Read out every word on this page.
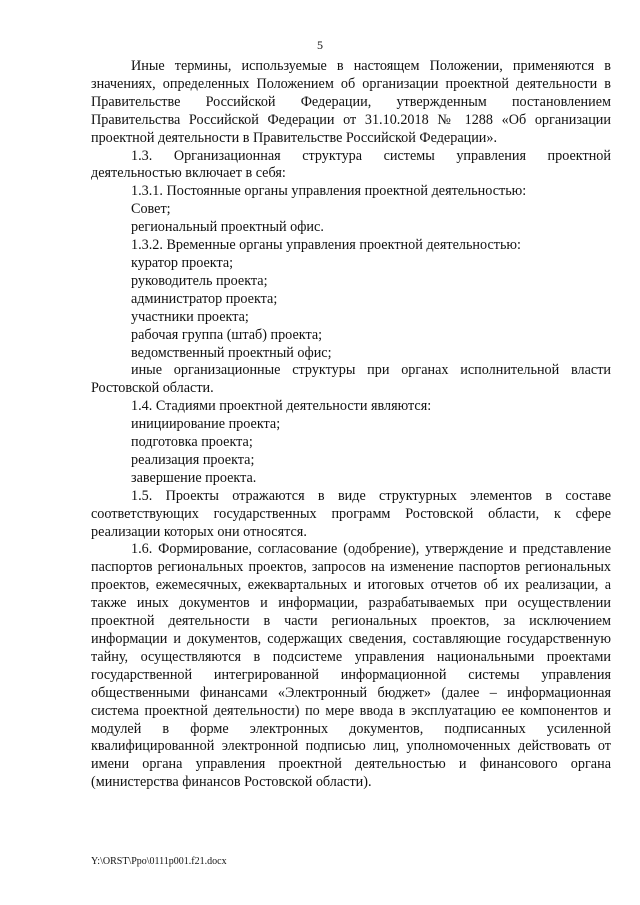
5

Иные термины, используемые в настоящем Положении, применяются в значениях, определенных Положением об организации проектной деятельности в Правительстве Российской Федерации, утвержденным постановлением Правительства Российской Федерации от 31.10.2018 № 1288 «Об организации проектной деятельности в Правительстве Российской Федерации».

1.3. Организационная структура системы управления проектной деятельностью включает в себя:

1.3.1. Постоянные органы управления проектной деятельностью:

Совет;

региональный проектный офис.

1.3.2. Временные органы управления проектной деятельностью:

куратор проекта;

руководитель проекта;

администратор проекта;

участники проекта;

рабочая группа (штаб) проекта;

ведомственный проектный офис;

иные организационные структуры при органах исполнительной власти Ростовской области.

1.4. Стадиями проектной деятельности являются:

инициирование проекта;

подготовка проекта;

реализация проекта;

завершение проекта.

1.5. Проекты отражаются в виде структурных элементов в составе соответствующих государственных программ Ростовской области, к сфере реализации которых они относятся.

1.6. Формирование, согласование (одобрение), утверждение и представление паспортов региональных проектов, запросов на изменение паспортов региональных проектов, ежемесячных, ежеквартальных и итоговых отчетов об их реализации, а также иных документов и информации, разрабатываемых при осуществлении проектной деятельности в части региональных проектов, за исключением информации и документов, содержащих сведения, составляющие государственную тайну, осуществляются в подсистеме управления национальными проектами государственной интегрированной информационной системы управления общественными финансами «Электронный бюджет» (далее – информационная система проектной деятельности) по мере ввода в эксплуатацию ее компонентов и модулей в форме электронных документов, подписанных усиленной квалифицированной электронной подписью лиц, уполномоченных действовать от имени органа управления проектной деятельностью и финансового органа (министерства финансов Ростовской области).

Y:\ORST\Ppo\0111p001.f21.docx
